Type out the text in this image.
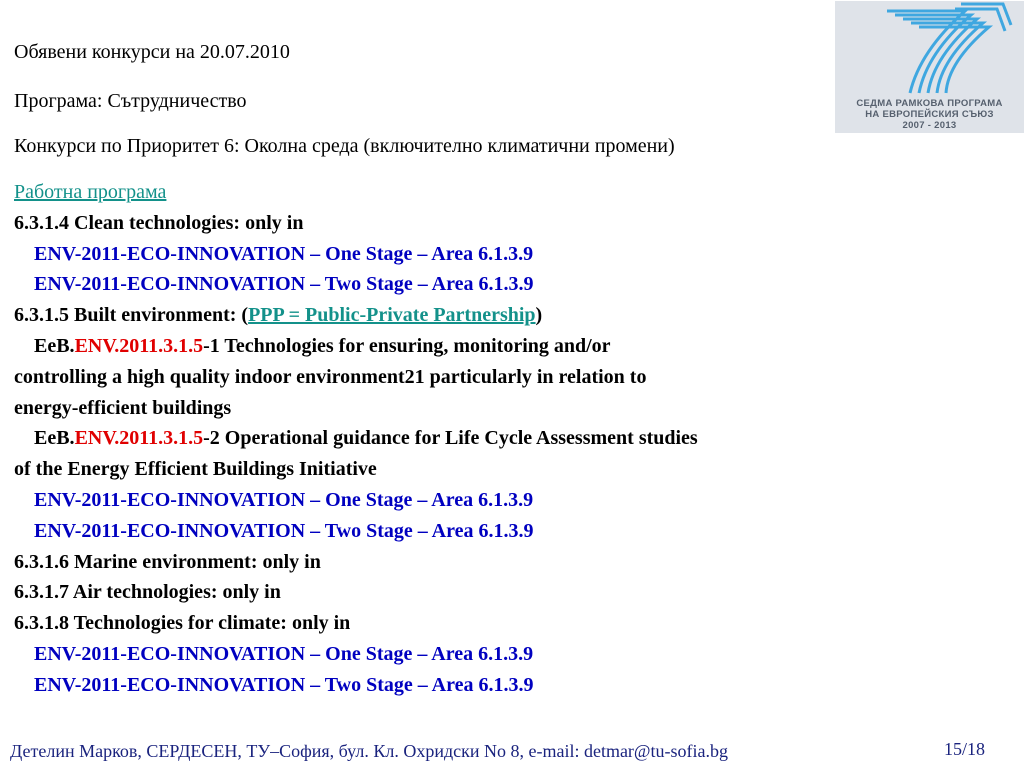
Обявени конкурси на 20.07.2010
Програма: Сътрудничество
Конкурси по Приоритет 6: Околна среда (включително климатични промени)
СЕДМА РАМКОВА ПРОГРАМА
НА ЕВРОПЕЙСКИЯ СЪЮЗ
2007 - 2013
Работна програма
6.3.1.4 Clean technologies: only in
ENV-2011-ECO-INNOVATION – One Stage – Area 6.1.3.9
ENV-2011-ECO-INNOVATION – Two Stage – Area 6.1.3.9
6.3.1.5 Built environment: (PPP = Public-Private Partnership)
EeB.ENV.2011.3.1.5-1 Technologies for ensuring, monitoring and/or
controlling a high quality indoor environment21 particularly in relation to
energy-efficient buildings
EeB.ENV.2011.3.1.5-2 Operational guidance for Life Cycle Assessment studies
of the Energy Efficient Buildings Initiative
ENV-2011-ECO-INNOVATION – One Stage – Area 6.1.3.9
ENV-2011-ECO-INNOVATION – Two Stage – Area 6.1.3.9
6.3.1.6 Marine environment: only in
6.3.1.7 Air technologies: only in
6.3.1.8 Technologies for climate: only in
ENV-2011-ECO-INNOVATION – One Stage – Area 6.1.3.9
ENV-2011-ECO-INNOVATION – Two Stage – Area 6.1.3.9
Детелин Марков, СЕРДЕСЕН, ТУ–София, бул. Кл. Охридски No 8, e-mail: detmar@tu-sofia.bg	15/18
